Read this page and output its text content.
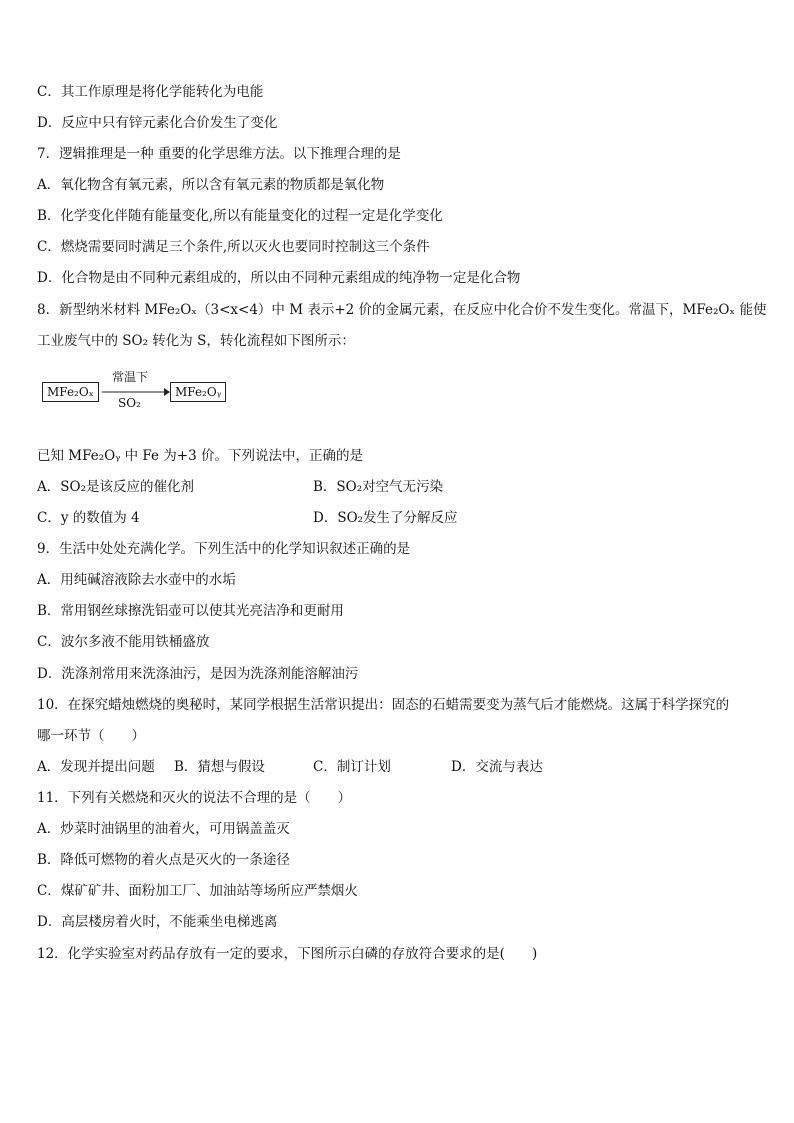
C．其工作原理是将化学能转化为电能
D．反应中只有锌元素化合价发生了变化
7．逻辑推理是一种 重要的化学思维方法。以下推理合理的是
A．氧化物含有氧元素，所以含有氧元素的物质都是氧化物
B．化学变化伴随有能量变化,所以有能量变化的过程一定是化学变化
C．燃烧需要同时满足三个条件,所以灭火也要同时控制这三个条件
D．化合物是由不同种元素组成的，所以由不同种元素组成的纯净物一定是化合物
8．新型纳米材料 MFe₂Oₓ（3<x<4）中 M 表示+2 价的金属元素，在反应中化合价不发生变化。常温下，MFe₂Oₓ 能使
工业废气中的 SO₂ 转化为 S，转化流程如下图所示：
MFe₂Oₓ
常温下
SO₂
MFe₂Oᵧ
已知 MFe₂Oᵧ 中 Fe 为+3 价。下列说法中，正确的是
A．SO₂是该反应的催化剂	B．SO₂对空气无污染
C．y 的数值为 4	D．SO₂发生了分解反应
9．生活中处处充满化学。下列生活中的化学知识叙述正确的是
A．用纯碱溶液除去水壶中的水垢
B．常用钢丝球擦洗铝壶可以使其光亮洁净和更耐用
C．波尔多液不能用铁桶盛放
D．洗涤剂常用来洗涤油污，是因为洗涤剂能溶解油污
10．在探究蜡烛燃烧的奥秘时，某同学根据生活常识提出：固态的石蜡需要变为蒸气后才能燃烧。这属于科学探究的
哪一环节（　　）
A．发现并提出问题 B．猜想与假设	C．制订计划	D．交流与表达
11．下列有关燃烧和灭火的说法不合理的是（　　）
A．炒菜时油锅里的油着火，可用锅盖盖灭
B．降低可燃物的着火点是灭火的一条途径
C．煤矿矿井、面粉加工厂、加油站等场所应严禁烟火
D．高层楼房着火时，不能乘坐电梯逃离
12．化学实验室对药品存放有一定的要求，下图所示白磷的存放符合要求的是(　　)
